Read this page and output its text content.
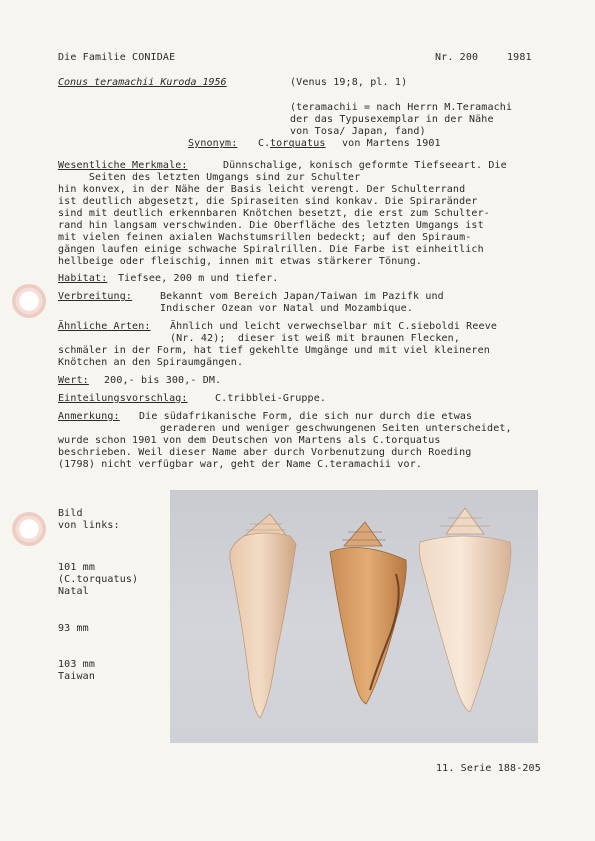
Die Familie CONIDAE	Nr. 200	1981
Conus teramachii Kuroda 1956	(Venus 19;8, pl. 1)
(teramachii = nach Herrn M.Teramachi
der das Typusexemplar in der Nähe
von Tosa/ Japan, fand)
Synonym: C. torquatus von Martens 1901
Wesentliche Merkmale:	Dünnschalige, konisch geformte Tiefseeart. Die
Seiten des letzten Umgangs sind zur Schulter
hin konvex, in der Nähe der Basis leicht verengt. Der Schulterrand
ist deutlich abgesetzt, die Spiraseiten sind konkav. Die Spiraränder
sind mit deutlich erkennbaren Knötchen besetzt, die erst zum Schulter-
rand hin langsam verschwinden. Die Oberfläche des letzten Umgangs ist
mit vielen feinen axialen Wachstumsrillen bedeckt; auf den Spiraum-
gängen laufen einige schwache Spiralrillen. Die Farbe ist einheitlich
hellbeige oder fleischig, innen mit etwas stärkerer Tönung.
Habitat: Tiefsee, 200 m und tiefer.
Verbreitung:	Bekannt vom Bereich Japan/Taiwan im Pazifk und
Indischer Ozean vor Natal und Mozambique.
Ähnliche Arten: Ähnlich und leicht verwechselbar mit C.sieboldi Reeve
(Nr. 42);  dieser ist weiß mit braunen Flecken,
schmäler in der Form, hat tief gekehlte Umgänge und mit viel kleineren
Knötchen an den Spiraumgängen.
Wert: 200,- bis 300,- DM.
Einteilungsvorschlag:	C.tribblei-Gruppe.
Anmerkung: Die südafrikanische Form, die sich nur durch die etwas
geraderen und weniger geschwungenen Seiten unterscheidet,
wurde schon 1901 von dem Deutschen von Martens als C.torquatus
beschrieben. Weil dieser Name aber durch Vorbenutzung durch Roeding
(1798) nicht verfügbar war, geht der Name C.teramachii vor.
Bild
von links:
101 mm
(C.torquatus)
Natal
93 mm
103 mm
Taiwan
11. Serie 188-205
